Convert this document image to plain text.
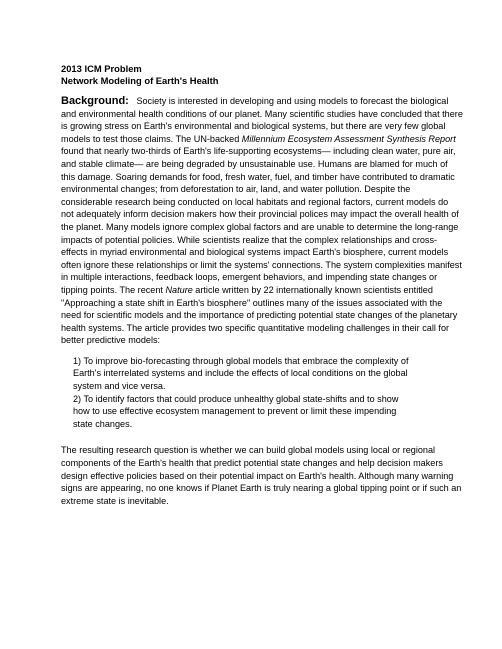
2013 ICM Problem

Network Modeling of Earth's Health

Background: Society is interested in developing and using models to forecast the biological and environmental health conditions of our planet. Many scientific studies have concluded that there is growing stress on Earth's environmental and biological systems, but there are very few global models to test those claims. The UN-backed Millennium Ecosystem Assessment Synthesis Report found that nearly two-thirds of Earth's life-supporting ecosystems— including clean water, pure air, and stable climate— are being degraded by unsustainable use. Humans are blamed for much of this damage. Soaring demands for food, fresh water, fuel, and timber have contributed to dramatic environmental changes; from deforestation to air, land, and water pollution. Despite the considerable research being conducted on local habitats and regional factors, current models do not adequately inform decision makers how their provincial polices may impact the overall health of the planet. Many models ignore complex global factors and are unable to determine the long-range impacts of potential policies. While scientists realize that the complex relationships and cross-effects in myriad environmental and biological systems impact Earth's biosphere, current models often ignore these relationships or limit the systems' connections. The system complexities manifest in multiple interactions, feedback loops, emergent behaviors, and impending state changes or tipping points. The recent Nature article written by 22 internationally known scientists entitled "Approaching a state shift in Earth's biosphere" outlines many of the issues associated with the need for scientific models and the importance of predicting potential state changes of the planetary health systems. The article provides two specific quantitative modeling challenges in their call for better predictive models:

1) To improve bio-forecasting through global models that embrace the complexity of Earth's interrelated systems and include the effects of local conditions on the global system and vice versa.
2) To identify factors that could produce unhealthy global state-shifts and to show how to use effective ecosystem management to prevent or limit these impending state changes.

The resulting research question is whether we can build global models using local or regional components of the Earth's health that predict potential state changes and help decision makers design effective policies based on their potential impact on Earth's health. Although many warning signs are appearing, no one knows if Planet Earth is truly nearing a global tipping point or if such an extreme state is inevitable.
